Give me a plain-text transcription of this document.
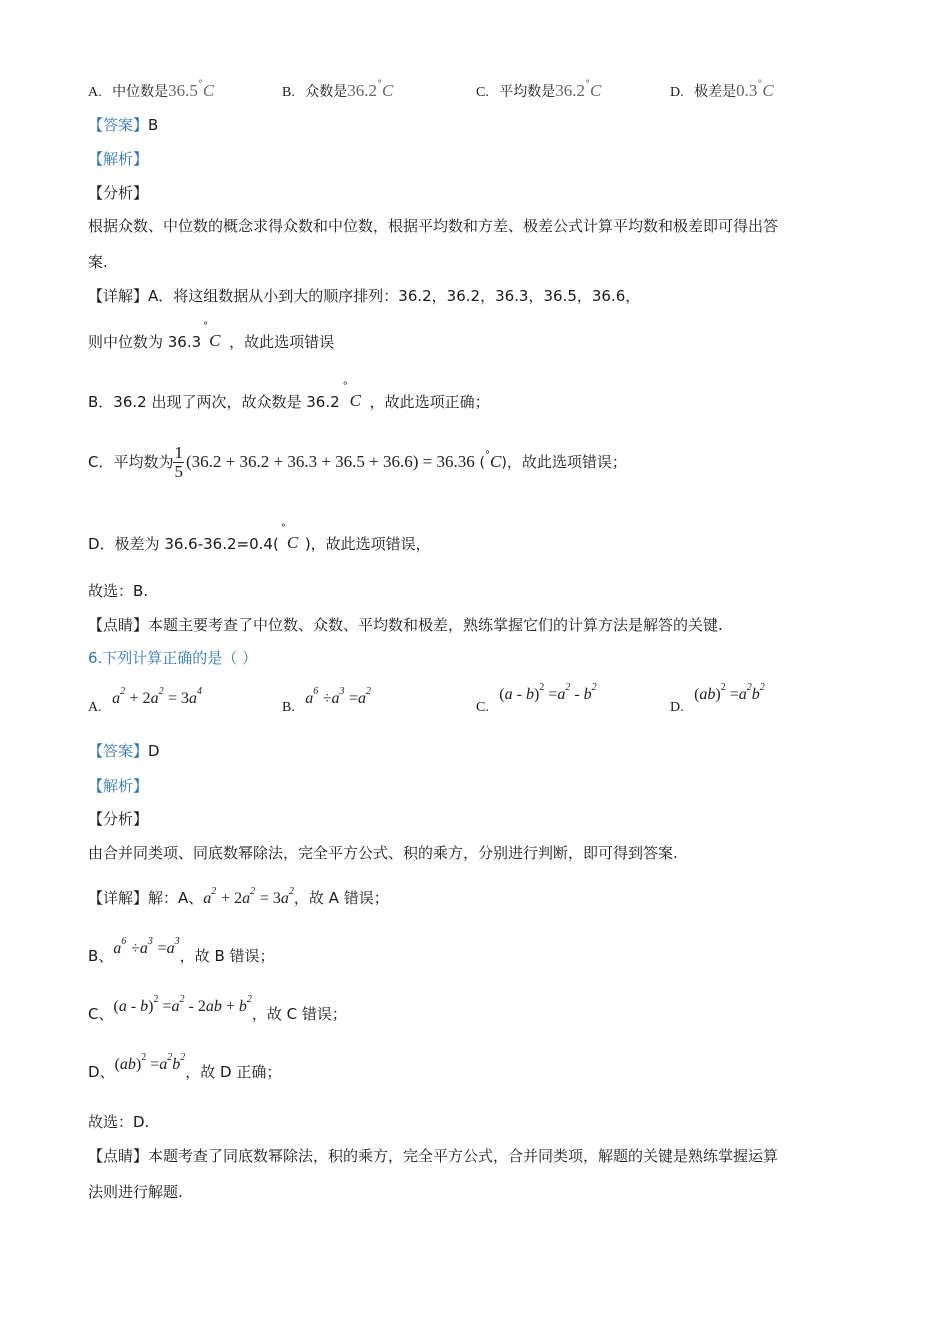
A. 中位数是36.5°C	B. 众数是36.2°C	C. 平均数是36.2°C	D. 极差是0.3°C
【答案】B
【解析】
【分析】
根据众数、中位数的概念求得众数和中位数，根据平均数和方差、极差公式计算平均数和极差即可得出答
案.
【详解】A．将这组数据从小到大的顺序排列：36.2，36.2，36.3，36.5，36.6，
则中位数为 36.3
°
C ，故此选项错误
B．36.2 出现了两次，故众数是 36.2
°
C ，故此选项正确；
C．平均数为 $\frac{1}{5} (36.2 + 36.2 + 36.3 + 36.5 + 36.6) = 36.36$ (°C)，故此选项错误；
D．极差为 36.6-36.2=0.4(
°
C )，故此选项错误，
故选：B.
【点睛】本题主要考查了中位数、众数、平均数和极差，熟练掌握它们的计算方法是解答的关键.
6.下列计算正确的是（ ）
A. $a^2 + 2a^2 = 3a^4$
B. $a^6 \div a^3 =a^2$
C. $(a - b)^2 =a^2 - b^2$
D. $(ab)^2 =a^2b^2$
【答案】D
【解析】
【分析】
由合并同类项、同底数幂除法，完全平方公式、积的乘方，分别进行判断，即可得到答案.
【详解】解：A、$a^2 + 2a^2 = 3a^2$，故 A 错误；
B、$a^6 \div a^3 =a^3$，故 B 错误；
C、$(a - b)^2 =a^2 - 2ab + b^2$，故 C 错误；
D、$(ab)^2 =a^2b^2$，故 D 正确；
故选：D.
【点睛】本题考查了同底数幂除法，积的乘方，完全平方公式，合并同类项，解题的关键是熟练掌握运算
法则进行解题.
